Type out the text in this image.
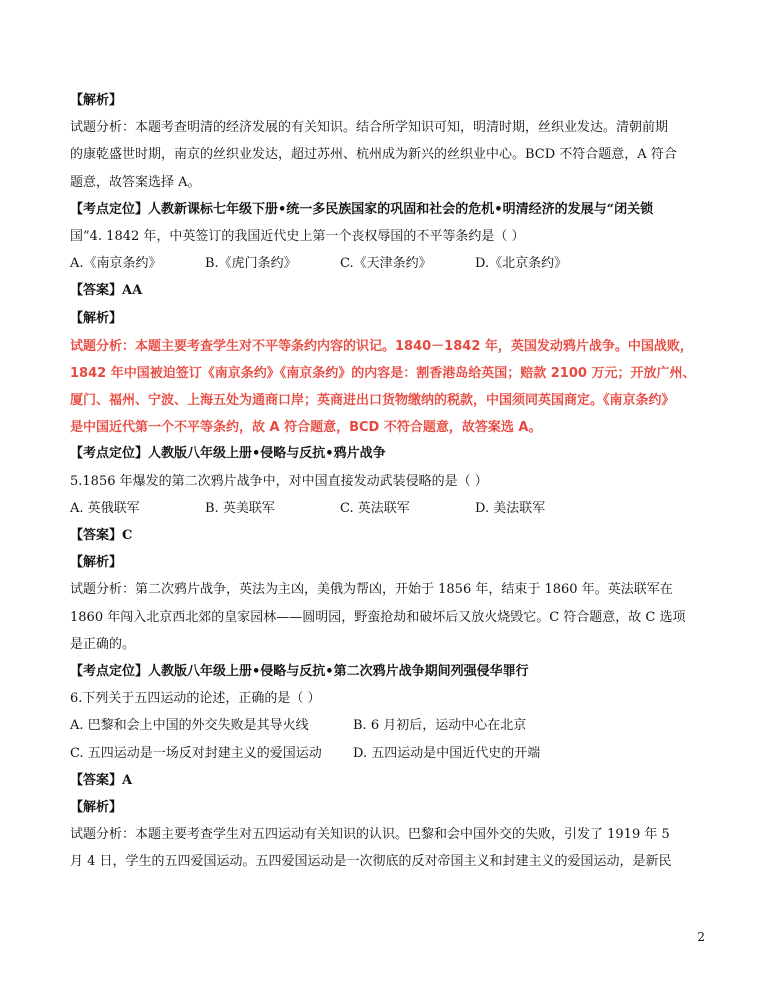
【解析】
试题分析：本题考查明清的经济发展的有关知识。结合所学知识可知，明清时期，丝织业发达。清朝前期
的康乾盛世时期，南京的丝织业发达，超过苏州、杭州成为新兴的丝织业中心。BCD 不符合题意，A 符合
题意，故答案选择 A。
【考点定位】人教新课标七年级下册•统一多民族国家的巩固和社会的危机•明清经济的发展与“闭关锁
国”4. 1842 年，中英签订的我国近代史上第一个丧权辱国的不平等条约是（ ）
A.《南京条约》	B.《虎门条约》	C.《天津条约》	D.《北京条约》
【答案】AA
【解析】
试题分析：本题主要考查学生对不平等条约内容的识记。1840－1842 年，英国发动鸦片战争。中国战败，
1842 年中国被迫签订《南京条约》《南京条约》的内容是：割香港岛给英国；赔款 2100 万元；开放广州、
厦门、福州、宁波、上海五处为通商口岸；英商进出口货物缴纳的税款，中国须同英国商定。《南京条约》
是中国近代第一个不平等条约，故 A 符合题意，BCD 不符合题意，故答案选 A。
【考点定位】人教版八年级上册•侵略与反抗•鸦片战争
5.1856 年爆发的第二次鸦片战争中，对中国直接发动武装侵略的是（ ）
A. 英俄联军	B. 英美联军	C. 英法联军	D. 美法联军
【答案】C
【解析】
试题分析：第二次鸦片战争，英法为主凶，美俄为帮凶，开始于 1856 年，结束于 1860 年。英法联军在
1860 年闯入北京西北郊的皇家园林——圆明园，野蛮抢劫和破坏后又放火烧毁它。C 符合题意，故 C 选项
是正确的。
【考点定位】人教版八年级上册•侵略与反抗•第二次鸦片战争期间列强侵华罪行
6.下列关于五四运动的论述，正确的是（ ）
A. 巴黎和会上中国的外交失败是其导火线	B. 6 月初后，运动中心在北京
C. 五四运动是一场反对封建主义的爱国运动	D. 五四运动是中国近代史的开端
【答案】A
【解析】
试题分析：本题主要考查学生对五四运动有关知识的认识。巴黎和会中国外交的失败，引发了 1919 年 5
月 4 日，学生的五四爱国运动。五四爱国运动是一次彻底的反对帝国主义和封建主义的爱国运动，是新民
2
